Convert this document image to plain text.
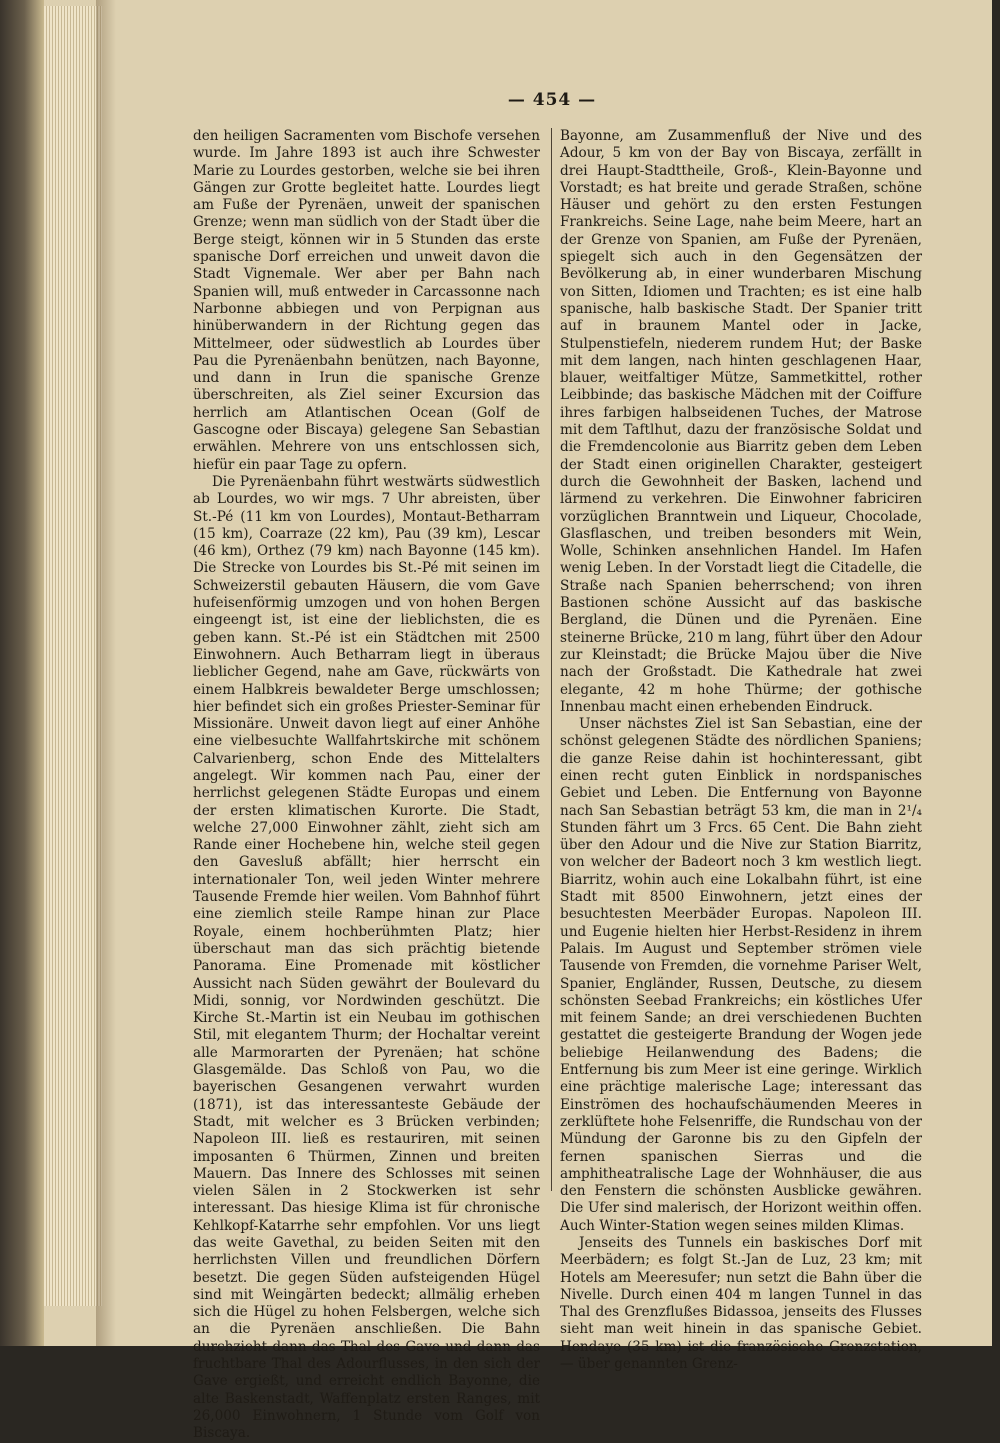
— 454 —

den heiligen Sacramenten vom Bischofe versehen wurde. Im Jahre 1893 ist auch ihre Schwester Marie zu Lourdes gestorben, welche sie bei ihren Gängen zur Grotte begleitet hatte. Lourdes liegt am Fuße der Pyrenäen, unweit der spanischen Grenze; wenn man südlich von der Stadt über die Berge steigt, können wir in 5 Stunden das erste spanische Dorf erreichen und unweit davon die Stadt Vignemale. Wer aber per Bahn nach Spanien will, muß entweder in Carcassonne nach Narbonne abbiegen und von Perpignan aus hinüberwandern in der Richtung gegen das Mittelmeer, oder südwestlich ab Lourdes über Pau die Pyrenäenbahn benützen, nach Bayonne, und dann in Irun die spanische Grenze überschreiten, als Ziel seiner Excursion das herrlich am Atlantischen Ocean (Golf de Gascogne oder Biscaya) gelegene San Sebastian erwählen. Mehrere von uns entschlossen sich, hiefür ein paar Tage zu opfern.

Die Pyrenäenbahn führt westwärts südwestlich ab Lourdes, wo wir mgs. 7 Uhr abreisten, über St.-Pé (11 km von Lourdes), Montaut-Betharram (15 km), Coarraze (22 km), Pau (39 km), Lescar (46 km), Orthez (79 km) nach Bayonne (145 km). Die Strecke von Lourdes bis St.-Pé mit seinen im Schweizerstil gebauten Häusern, die vom Gave hufeisenförmig umzogen und von hohen Bergen eingeengt ist, ist eine der lieblichsten, die es geben kann. St.-Pé ist ein Städtchen mit 2500 Einwohnern. Auch Betharram liegt in überaus lieblicher Gegend, nahe am Gave, rückwärts von einem Halbkreis bewaldeter Berge umschlossen; hier befindet sich ein großes Priester-Seminar für Missionäre. Unweit davon liegt auf einer Anhöhe eine vielbesuchte Wallfahrtskirche mit schönem Calvarienberg, schon Ende des Mittelalters angelegt. Wir kommen nach Pau, einer der herrlichst gelegenen Städte Europas und einem der ersten klimatischen Kurorte. Die Stadt, welche 27,000 Einwohner zählt, zieht sich am Rande einer Hochebene hin, welche steil gegen den Gavesluß abfällt; hier herrscht ein internationaler Ton, weil jeden Winter mehrere Tausende Fremde hier weilen. Vom Bahnhof führt eine ziemlich steile Rampe hinan zur Place Royale, einem hochberühmten Platz; hier überschaut man das sich prächtig bietende Panorama. Eine Promenade mit köstlicher Aussicht nach Süden gewährt der Boulevard du Midi, sonnig, vor Nordwinden geschützt. Die Kirche St.-Martin ist ein Neubau im gothischen Stil, mit elegantem Thurm; der Hochaltar vereint alle Marmorarten der Pyrenäen; hat schöne Glasgemälde. Das Schloß von Pau, wo die bayerischen Gesangenen verwahrt wurden (1871), ist das interessanteste Gebäude der Stadt, mit welcher es 3 Brücken verbinden; Napoleon III. ließ es restauriren, mit seinen imposanten 6 Thürmen, Zinnen und breiten Mauern. Das Innere des Schlosses mit seinen vielen Sälen in 2 Stockwerken ist sehr interessant. Das hiesige Klima ist für chronische Kehlkopf-Katarrhe sehr empfohlen. Vor uns liegt das weite Gavethal, zu beiden Seiten mit den herrlichsten Villen und freundlichen Dörfern besetzt. Die gegen Süden aufsteigenden Hügel sind mit Weingärten bedeckt; allmälig erheben sich die Hügel zu hohen Felsbergen, welche sich an die Pyrenäen anschließen. Die Bahn durchzieht dann das Thal des Gave und dann das fruchtbare Thal des Adourflusses, in den sich der Gave ergießt, und erreicht endlich Bayonne, die alte Baskenstadt, Waffenplatz ersten Ranges, mit 26,000 Einwohnern, 1 Stunde vom Golf von Biscaya.

Bayonne, am Zusammenfluß der Nive und des Adour, 5 km von der Bay von Biscaya, zerfällt in drei Haupt-Stadttheile, Groß-, Klein-Bayonne und Vorstadt; es hat breite und gerade Straßen, schöne Häuser und gehört zu den ersten Festungen Frankreichs. Seine Lage, nahe beim Meere, hart an der Grenze von Spanien, am Fuße der Pyrenäen, spiegelt sich auch in den Gegensätzen der Bevölkerung ab, in einer wunderbaren Mischung von Sitten, Idiomen und Trachten; es ist eine halb spanische, halb baskische Stadt. Der Spanier tritt auf in braunem Mantel oder in Jacke, Stulpenstiefeln, niederem rundem Hut; der Baske mit dem langen, nach hinten geschlagenen Haar, blauer, weitfaltiger Mütze, Sammetkittel, rother Leibbinde; das baskische Mädchen mit der Coiffure ihres farbigen halbseidenen Tuches, der Matrose mit dem Taftlhut, dazu der französische Soldat und die Fremdencolonie aus Biarritz geben dem Leben der Stadt einen originellen Charakter, gesteigert durch die Gewohnheit der Basken, lachend und lärmend zu verkehren. Die Einwohner fabriciren vorzüglichen Branntwein und Liqueur, Chocolade, Glasflaschen, und treiben besonders mit Wein, Wolle, Schinken ansehnlichen Handel. Im Hafen wenig Leben. In der Vorstadt liegt die Citadelle, die Straße nach Spanien beherrschend; von ihren Bastionen schöne Aussicht auf das baskische Bergland, die Dünen und die Pyrenäen. Eine steinerne Brücke, 210 m lang, führt über den Adour zur Kleinstadt; die Brücke Majou über die Nive nach der Großstadt. Die Kathedrale hat zwei elegante, 42 m hohe Thürme; der gothische Innenbau macht einen erhebenden Eindruck.

Unser nächstes Ziel ist San Sebastian, eine der schönst gelegenen Städte des nördlichen Spaniens; die ganze Reise dahin ist hochinteressant, gibt einen recht guten Einblick in nordspanisches Gebiet und Leben. Die Entfernung von Bayonne nach San Sebastian beträgt 53 km, die man in 2¹/₄ Stunden fährt um 3 Frcs. 65 Cent. Die Bahn zieht über den Adour und die Nive zur Station Biarritz, von welcher der Badeort noch 3 km westlich liegt. Biarritz, wohin auch eine Lokalbahn führt, ist eine Stadt mit 8500 Einwohnern, jetzt eines der besuchtesten Meerbäder Europas. Napoleon III. und Eugenie hielten hier Herbst-Residenz in ihrem Palais. Im August und September strömen viele Tausende von Fremden, die vornehme Pariser Welt, Spanier, Engländer, Russen, Deutsche, zu diesem schönsten Seebad Frankreichs; ein köstliches Ufer mit feinem Sande; an drei verschiedenen Buchten gestattet die gesteigerte Brandung der Wogen jede beliebige Heilanwendung des Badens; die Entfernung bis zum Meer ist eine geringe. Wirklich eine prächtige malerische Lage; interessant das Einströmen des hochaufschäumenden Meeres in zerklüftete hohe Felsenriffe, die Rundschau von der Mündung der Garonne bis zu den Gipfeln der fernen spanischen Sierras und die amphitheatralische Lage der Wohnhäuser, die aus den Fenstern die schönsten Ausblicke gewähren. Die Ufer sind malerisch, der Horizont weithin offen. Auch Winter-Station wegen seines milden Klimas.

Jenseits des Tunnels ein baskisches Dorf mit Meerbädern; es folgt St.-Jan de Luz, 23 km; mit Hotels am Meeresufer; nun setzt die Bahn über die Nivelle. Durch einen 404 m langen Tunnel in das Thal des Grenzflußes Bidassoa, jenseits des Flusses sieht man weit hinein in das spanische Gebiet. Hendaye (35 km) ist die französische Grenzstation, — über genannten Grenz-
